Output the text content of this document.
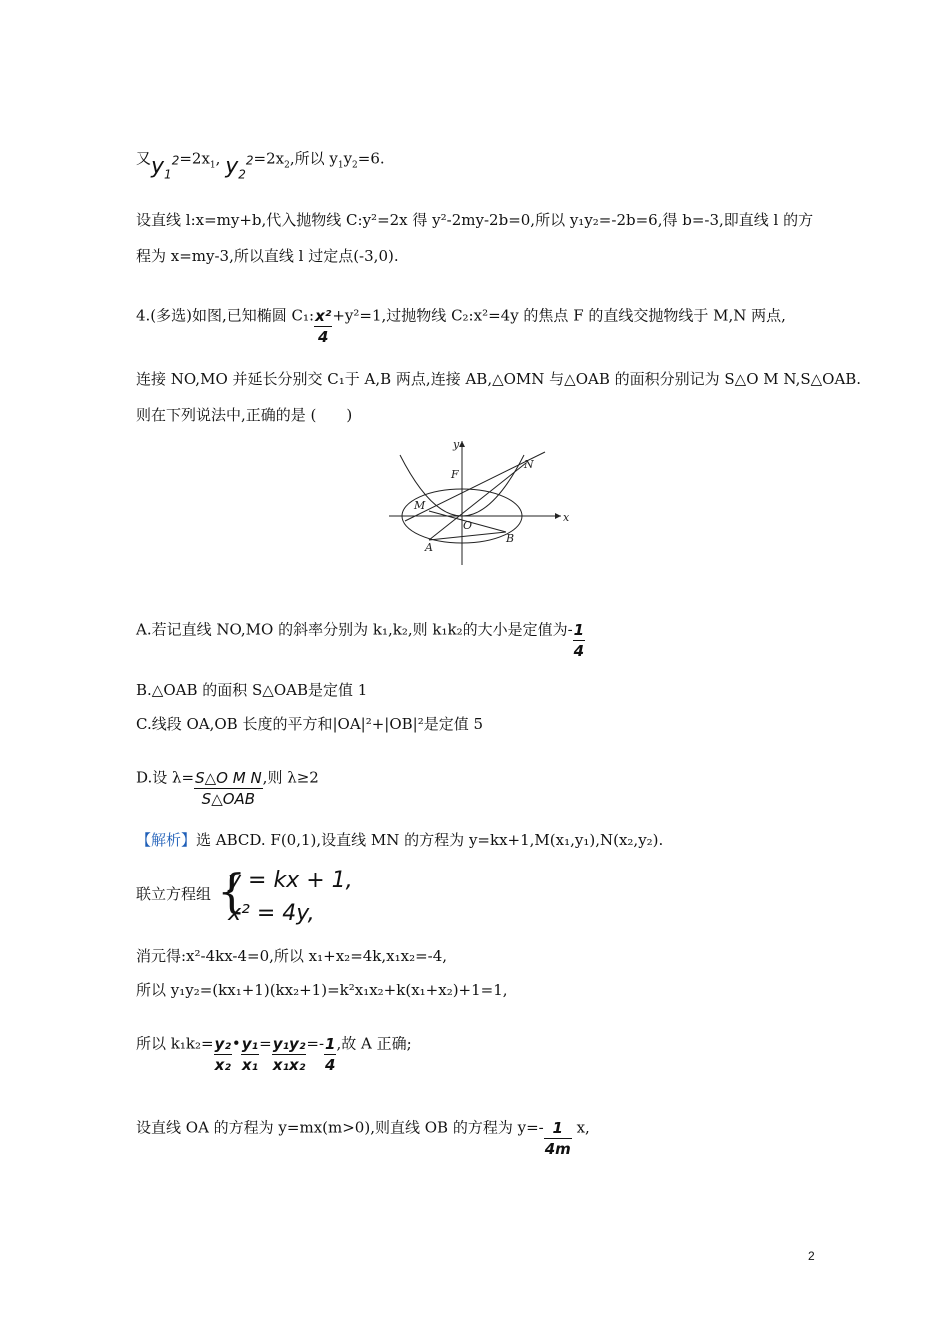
又$y_1^2=2x_1$, $y_2^2=2x_2$,所以 $y_1y_2=6$.
设直线 l:x=my+b,代入抛物线 C:y²=2x 得 y²-2my-2b=0,所以 y₁y₂=-2b=6,得 b=-3,即直线 l 的方
程为 x=my-3,所以直线 l 过定点(-3,0).
4.(多选)如图,已知椭圆 C₁: $\frac{\text{x²}}{4} +y^2=1$,过抛物线 C₂:x²=4y 的焦点 F 的直线交抛物线于 M,N 两点,
连接 NO,MO 并延长分别交 C₁于 A,B 两点,连接 AB,△OMN 与△OAB 的面积分别记为 S△O M N,S△OAB.
则在下列说法中,正确的是 (　　)
y
x
F
N
M
O
A
B
A.若记直线 NO,MO 的斜率分别为 k₁,k₂,则 k₁k₂的大小是定值为- $\frac{1}{4}$
B.△OAB 的面积 S△OAB是定值 1
C.线段 OA,OB 长度的平方和|OA|²+|OB|²是定值 5
D.设 $\lambda= \frac{\text{S△O M N}}{\text{S△OAB}}$ ,则 λ≥2
【解析】选 ABCD. F(0,1),设直线 MN 的方程为 y=kx+1,M(x₁,y₁),N(x₂,y₂).
联立方程组 {
y = kx + 1,
x² = 4y,
消元得:x²-4kx-4=0,所以 x₁+x₂=4k,x₁x₂=-4,
所以 y₁y₂=(kx₁+1)(kx₂+1)=k²x₁x₂+k(x₁+x₂)+1=1,
所以 $k_1k_2= \frac{\text{y₂}}{\text{x₂}}$ • $\frac{\text{y₁}}{\text{x₁}} = \frac{\text{y₁y₂}}{\text{x₁x₂}} =- \frac{1}{4}$ ,故 A 正确;
设直线 OA 的方程为 y=mx(m>0),则直线 OB 的方程为 $y=- \frac{1}{4m} x$,
2
